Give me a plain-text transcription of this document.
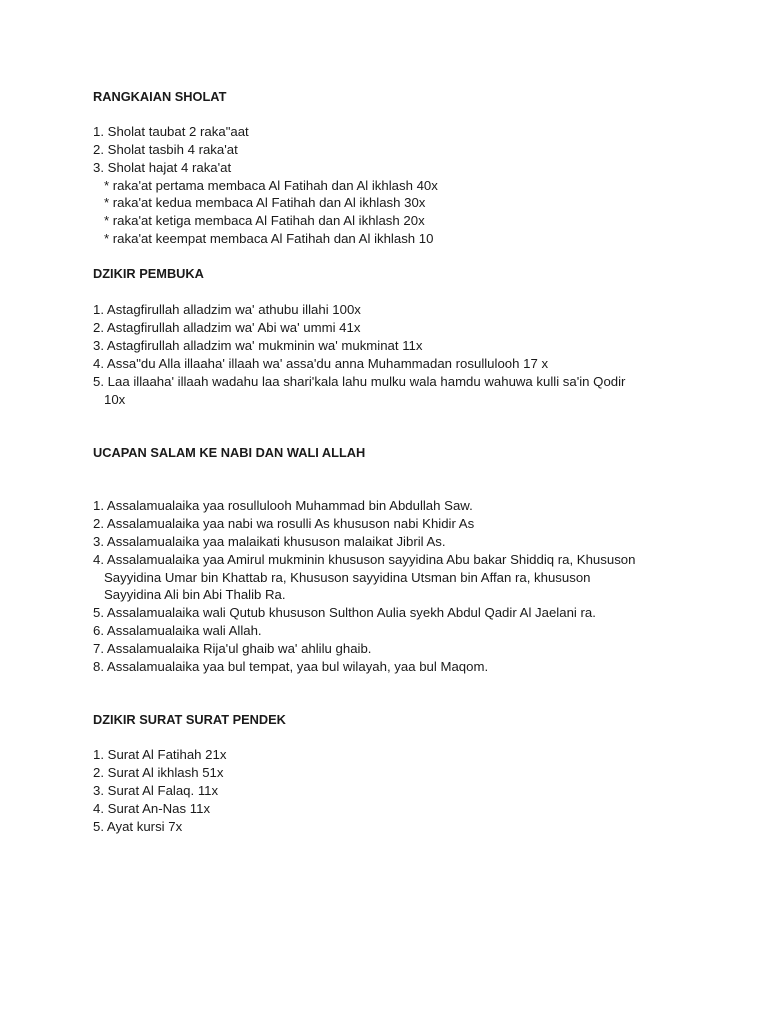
RANGKAIAN SHOLAT
1. Sholat taubat 2 raka"aat
2. Sholat tasbih 4 raka'at
3. Sholat hajat 4 raka'at
* raka'at pertama membaca Al Fatihah dan Al ikhlash 40x
* raka'at kedua membaca Al Fatihah dan Al ikhlash 30x
* raka'at ketiga membaca Al Fatihah dan Al ikhlash 20x
* raka'at keempat membaca Al Fatihah dan Al ikhlash 10
DZIKIR PEMBUKA
1. Astagfirullah alladzim wa' athubu illahi 100x
2. Astagfirullah alladzim wa' Abi wa' ummi 41x
3. Astagfirullah alladzim wa' mukminin wa' mukminat 11x
4. Assa"du Alla illaaha' illaah wa' assa'du anna Muhammadan rosullulooh 17 x
5. Laa illaaha' illaah wadahu laa shari'kala lahu mulku wala hamdu wahuwa kulli sa'in Qodir
10x
UCAPAN SALAM KE NABI DAN WALI ALLAH
1. Assalamualaika yaa rosullulooh Muhammad bin Abdullah Saw.
2. Assalamualaika yaa nabi wa rosulli As khususon nabi Khidir As
3. Assalamualaika yaa malaikati khususon malaikat Jibril As.
4. Assalamualaika yaa Amirul mukminin khususon sayyidina Abu bakar Shiddiq ra, Khususon
Sayyidina Umar bin Khattab ra, Khususon sayyidina Utsman bin Affan ra, khususon
Sayyidina Ali bin Abi Thalib Ra.
5. Assalamualaika wali Qutub khususon Sulthon Aulia syekh Abdul Qadir Al Jaelani ra.
6. Assalamualaika wali Allah.
7. Assalamualaika Rija'ul ghaib wa' ahlilu ghaib.
8. Assalamualaika yaa bul tempat, yaa bul wilayah, yaa bul Maqom.
DZIKIR SURAT SURAT PENDEK
1. Surat Al Fatihah 21x
2. Surat Al ikhlash 51x
3. Surat Al Falaq. 11x
4. Surat An-Nas 11x
5. Ayat kursi 7x
